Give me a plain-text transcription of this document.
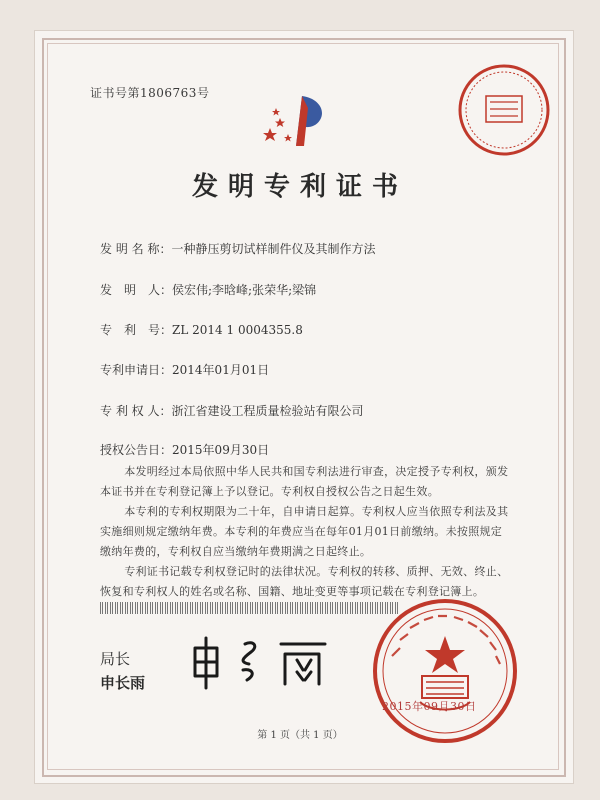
证书号第1806763号
发明专利证书
发 明 名 称：一种静压剪切试样制件仪及其制作方法
发　明　人：侯宏伟;李晗峰;张荣华;梁锦
专　利　号：ZL 2014 1 0004355.8
专利申请日：2014年01月01日
专 利 权 人：浙江省建设工程质量检验站有限公司
授权公告日：2015年09月30日

本发明经过本局依照中华人民共和国专利法进行审查，决定授予专利权，颁发本证书并在专利登记簿上予以登记。专利权自授权公告之日起生效。

本专利的专利权期限为二十年，自申请日起算。专利权人应当依照专利法及其实施细则规定缴纳年费。本专利的年费应当在每年01月01日前缴纳。未按照规定缴纳年费的，专利权自应当缴纳年费期满之日起终止。

专利证书记载专利权登记时的法律状况。专利权的转移、质押、无效、终止、恢复和专利权人的姓名或名称、国籍、地址变更等事项记载在专利登记簿上。

局长
申长雨
2015年09月30日
第 1 页（共 1 页）
